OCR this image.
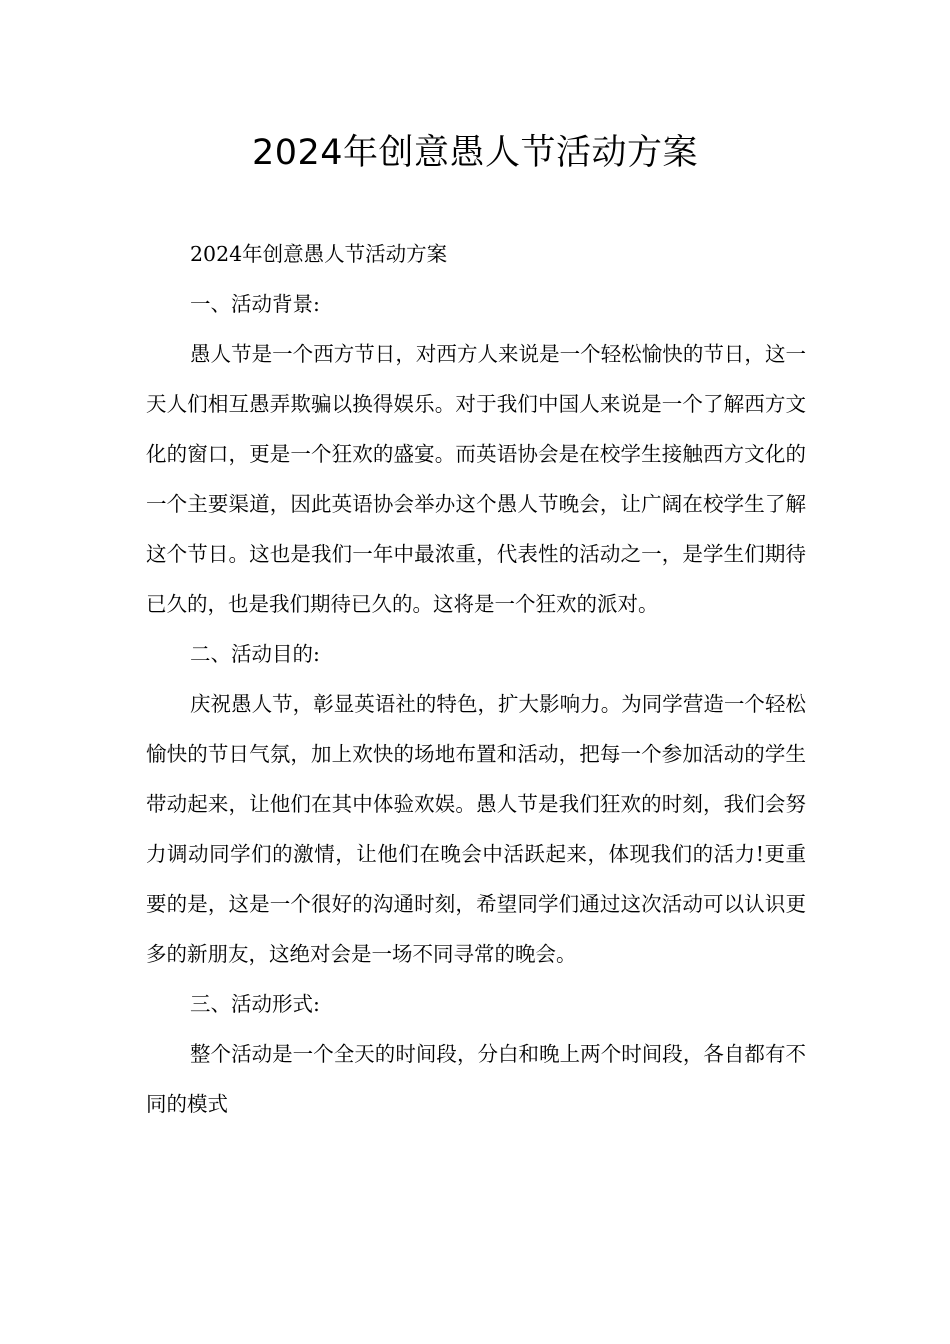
2024年创意愚人节活动方案

2024年创意愚人节活动方案

一、活动背景:

愚人节是一个西方节日，对西方人来说是一个轻松愉快的节日，这一天人们相互愚弄欺骗以换得娱乐。对于我们中国人来说是一个了解西方文化的窗口，更是一个狂欢的盛宴。而英语协会是在校学生接触西方文化的一个主要渠道，因此英语协会举办这个愚人节晚会，让广阔在校学生了解这个节日。这也是我们一年中最浓重，代表性的活动之一，是学生们期待已久的，也是我们期待已久的。这将是一个狂欢的派对。

二、活动目的:

庆祝愚人节，彰显英语社的特色，扩大影响力。为同学营造一个轻松愉快的节日气氛，加上欢快的场地布置和活动，把每一个参加活动的学生带动起来，让他们在其中体验欢娱。愚人节是我们狂欢的时刻，我们会努力调动同学们的激情，让他们在晚会中活跃起来，体现我们的活力!更重要的是，这是一个很好的沟通时刻，希望同学们通过这次活动可以认识更多的新朋友，这绝对会是一场不同寻常的晚会。

三、活动形式:

整个活动是一个全天的时间段，分白和晚上两个时间段，各自都有不同的模式
